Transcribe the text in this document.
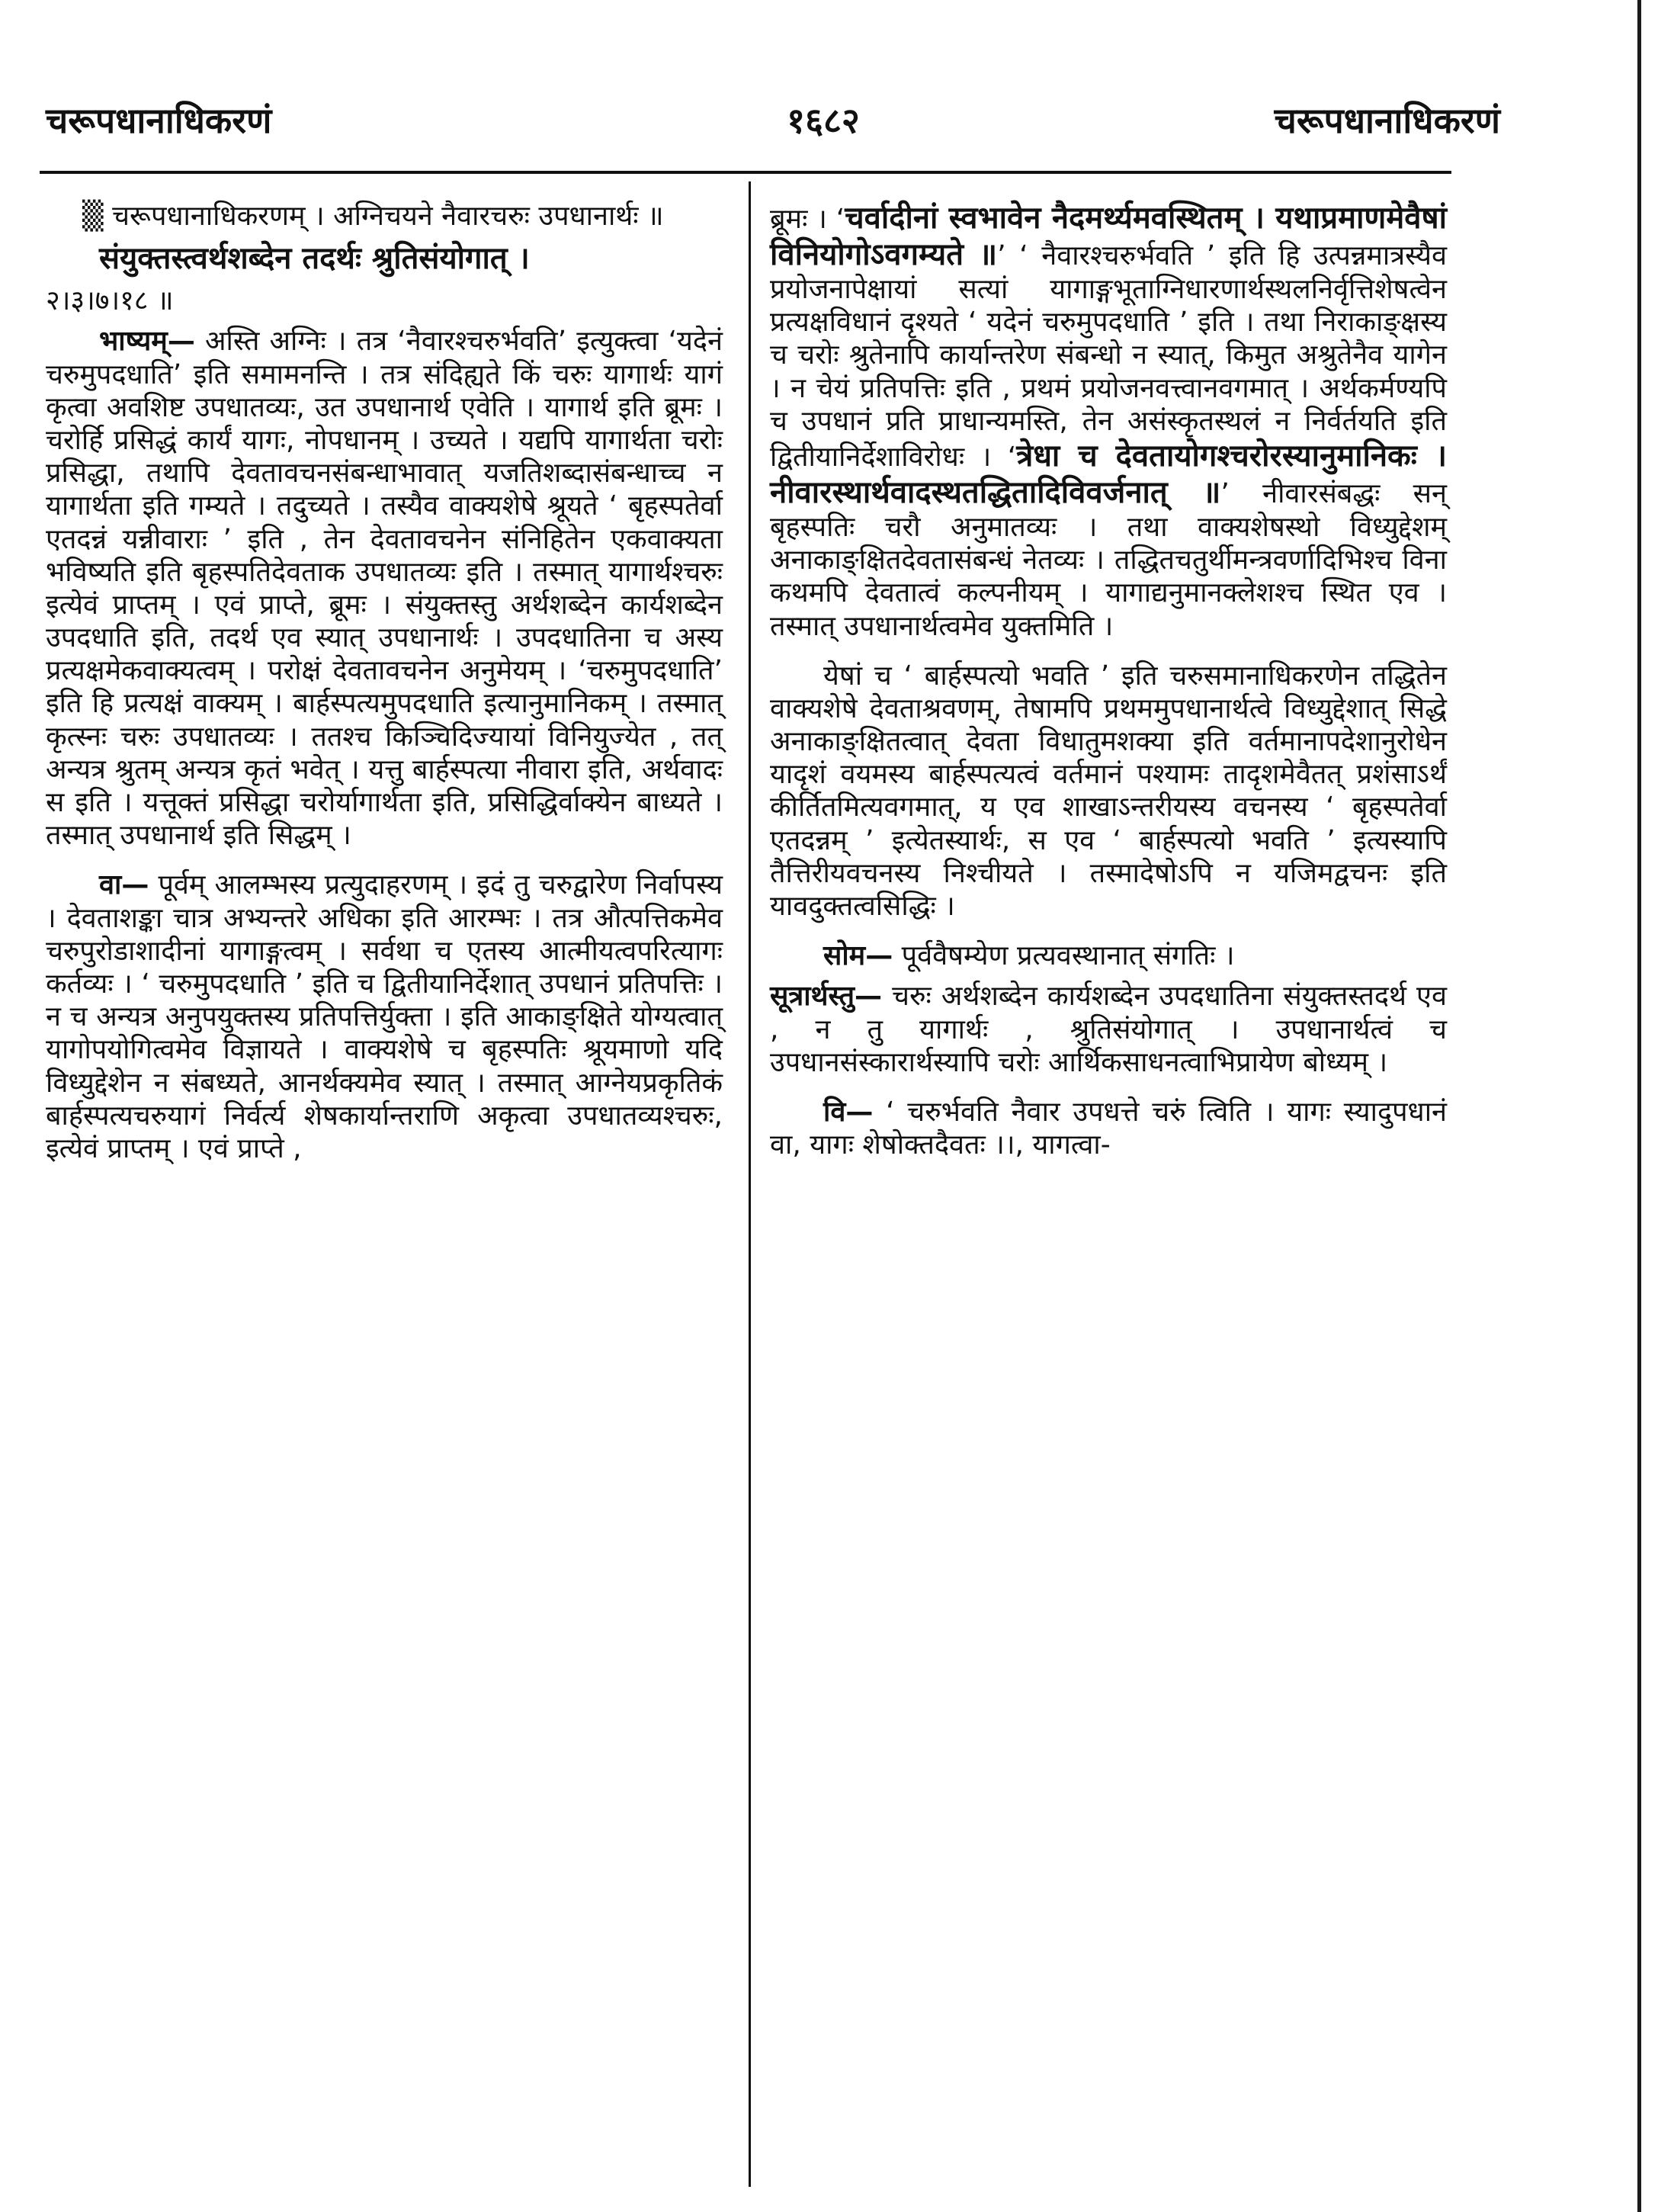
चरूपधानाधिकरणं	१६८२	चरूपधानाधिकरणं

▒ चरूपधानाधिकरणम् । अग्निचयने नैवारचरुः उपधानार्थः ॥

संयुक्तस्त्वर्थशब्देन तदर्थः श्रुतिसंयोगात् ।

२।३।७।१८ ॥

भाष्यम्— अस्ति अग्निः । तत्र ‘नैवारश्चरुर्भवति’ इत्युक्त्वा ‘यदेनं चरुमुपदधाति’ इति समामनन्ति । तत्र संदिह्यते किं चरुः यागार्थः यागं कृत्वा अवशिष्ट उपधातव्यः, उत उपधानार्थ एवेति । यागार्थ इति ब्रूमः । चरोर्हि प्रसिद्धं कार्यं यागः, नोपधानम् । उच्यते । यद्यपि यागार्थता चरोः प्रसिद्धा, तथापि देवतावचनसंबन्धाभावात् यजतिशब्दासंबन्धाच्च न यागार्थता इति गम्यते । तदुच्यते । तस्यैव वाक्यशेषे श्रूयते ‘ बृहस्पतेर्वा एतदन्नं यन्नीवाराः ’ इति , तेन देवतावचनेन संनिहितेन एकवाक्यता भविष्यति इति बृहस्पतिदेवताक उपधातव्यः इति । तस्मात् यागार्थश्चरुः इत्येवं प्राप्तम् । एवं प्राप्ते, ब्रूमः । संयुक्तस्तु अर्थशब्देन कार्यशब्देन उपदधाति इति, तदर्थ एव स्यात् उपधानार्थः । उपदधातिना च अस्य प्रत्यक्षमेकवाक्यत्वम् । परोक्षं देवतावचनेन अनुमेयम् । ‘चरुमुपदधाति’ इति हि प्रत्यक्षं वाक्यम् । बार्हस्पत्यमुपदधाति इत्यानुमानिकम् । तस्मात् कृत्स्नः चरुः उपधातव्यः । ततश्च किञ्चिदिज्यायां विनियुज्येत , तत् अन्यत्र श्रुतम् अन्यत्र कृतं भवेत् । यत्तु बार्हस्पत्या नीवारा इति, अर्थवादः स इति । यत्तूक्तं प्रसिद्धा चरोर्यागार्थता इति, प्रसिद्धिर्वाक्येन बाध्यते । तस्मात् उपधानार्थ इति सिद्धम् ।

वा— पूर्वम् आलम्भस्य प्रत्युदाहरणम् । इदं तु चरुद्वारेण निर्वापस्य । देवताशङ्का चात्र अभ्यन्तरे अधिका इति आरम्भः । तत्र औत्पत्तिकमेव चरुपुरोडाशादीनां यागाङ्गत्वम् । सर्वथा च एतस्य आत्मीयत्वपरित्यागः कर्तव्यः । ‘ चरुमुपदधाति ’ इति च द्वितीयानिर्देशात् उपधानं प्रतिपत्तिः । न च अन्यत्र अनुपयुक्तस्य प्रतिपत्तिर्युक्ता । इति आकाङ्क्षिते योग्यत्वात् यागोपयोगित्वमेव विज्ञायते । वाक्यशेषे च बृहस्पतिः श्रूयमाणो यदि विध्युद्देशेन न संबध्यते, आनर्थक्यमेव स्यात् । तस्मात् आग्नेयप्रकृतिकं बार्हस्पत्यचरुयागं निर्वर्त्य शेषकार्यान्तराणि अकृत्वा उपधातव्यश्चरुः, इत्येवं प्राप्तम् । एवं प्राप्ते ,

ब्रूमः । ‘चर्वादीनां स्वभावेन नैदमर्थ्यमवस्थितम् । यथाप्रमाणमेवैषां विनियोगोऽवगम्यते ॥’ ‘ नैवारश्चरुर्भवति ’ इति हि उत्पन्नमात्रस्यैव प्रयोजनापेक्षायां सत्यां यागाङ्गभूताग्निधारणार्थस्थलनिर्वृत्तिशेषत्वेन प्रत्यक्षविधानं दृश्यते ‘ यदेनं चरुमुपदधाति ’ इति । तथा निराकाङ्क्षस्य च चरोः श्रुतेनापि कार्यान्तरेण संबन्धो न स्यात्, किमुत अश्रुतेनैव यागेन । न चेयं प्रतिपत्तिः इति , प्रथमं प्रयोजनवत्त्वानवगमात् । अर्थकर्मण्यपि च उपधानं प्रति प्राधान्यमस्ति, तेन असंस्कृतस्थलं न निर्वर्तयति इति द्वितीयानिर्देशाविरोधः । ‘त्रेधा च देवतायोगश्चरोरस्यानुमानिकः । नीवारस्थार्थवादस्थतद्धितादिविवर्जनात् ॥’ नीवारसंबद्धः सन् बृहस्पतिः चरौ अनुमातव्यः । तथा वाक्यशेषस्थो विध्युद्देशम् अनाकाङ्क्षितदेवतासंबन्धं नेतव्यः । तद्धितचतुर्थीमन्त्रवर्णादिभिश्च विना कथमपि देवतात्वं कल्पनीयम् । यागाद्यनुमानक्लेशश्च स्थित एव । तस्मात् उपधानार्थत्वमेव युक्तमिति ।

येषां च ‘ बार्हस्पत्यो भवति ’ इति चरुसमानाधिकरणेन तद्धितेन वाक्यशेषे देवताश्रवणम्, तेषामपि प्रथममुपधानार्थत्वे विध्युद्देशात् सिद्धे अनाकाङ्क्षितत्वात् देवता विधातुमशक्या इति वर्तमानापदेशानुरोधेन यादृशं वयमस्य बार्हस्पत्यत्वं वर्तमानं पश्यामः तादृशमेवैतत् प्रशंसाऽर्थं कीर्तितमित्यवगमात्, य एव शाखाऽन्तरीयस्य वचनस्य ‘ बृहस्पतेर्वा एतदन्नम् ’ इत्येतस्यार्थः, स एव ‘ बार्हस्पत्यो भवति ’ इत्यस्यापि तैत्तिरीयवचनस्य निश्चीयते । तस्मादेषोऽपि न यजिमद्वचनः इति यावदुक्तत्वसिद्धिः ।

सोम— पूर्ववैषम्येण प्रत्यवस्थानात् संगतिः ।

सूत्रार्थस्तु— चरुः अर्थशब्देन कार्यशब्देन उपदधातिना संयुक्तस्तदर्थ एव , न तु यागार्थः , श्रुतिसंयोगात् । उपधानार्थत्वं च उपधानसंस्कारार्थस्यापि चरोः आर्थिकसाधनत्वाभिप्रायेण बोध्यम् ।

वि— ‘ चरुर्भवति नैवार उपधत्ते चरुं त्विति । यागः स्यादुपधानं वा, यागः शेषोक्तदैवतः ।।, यागत्वा-
